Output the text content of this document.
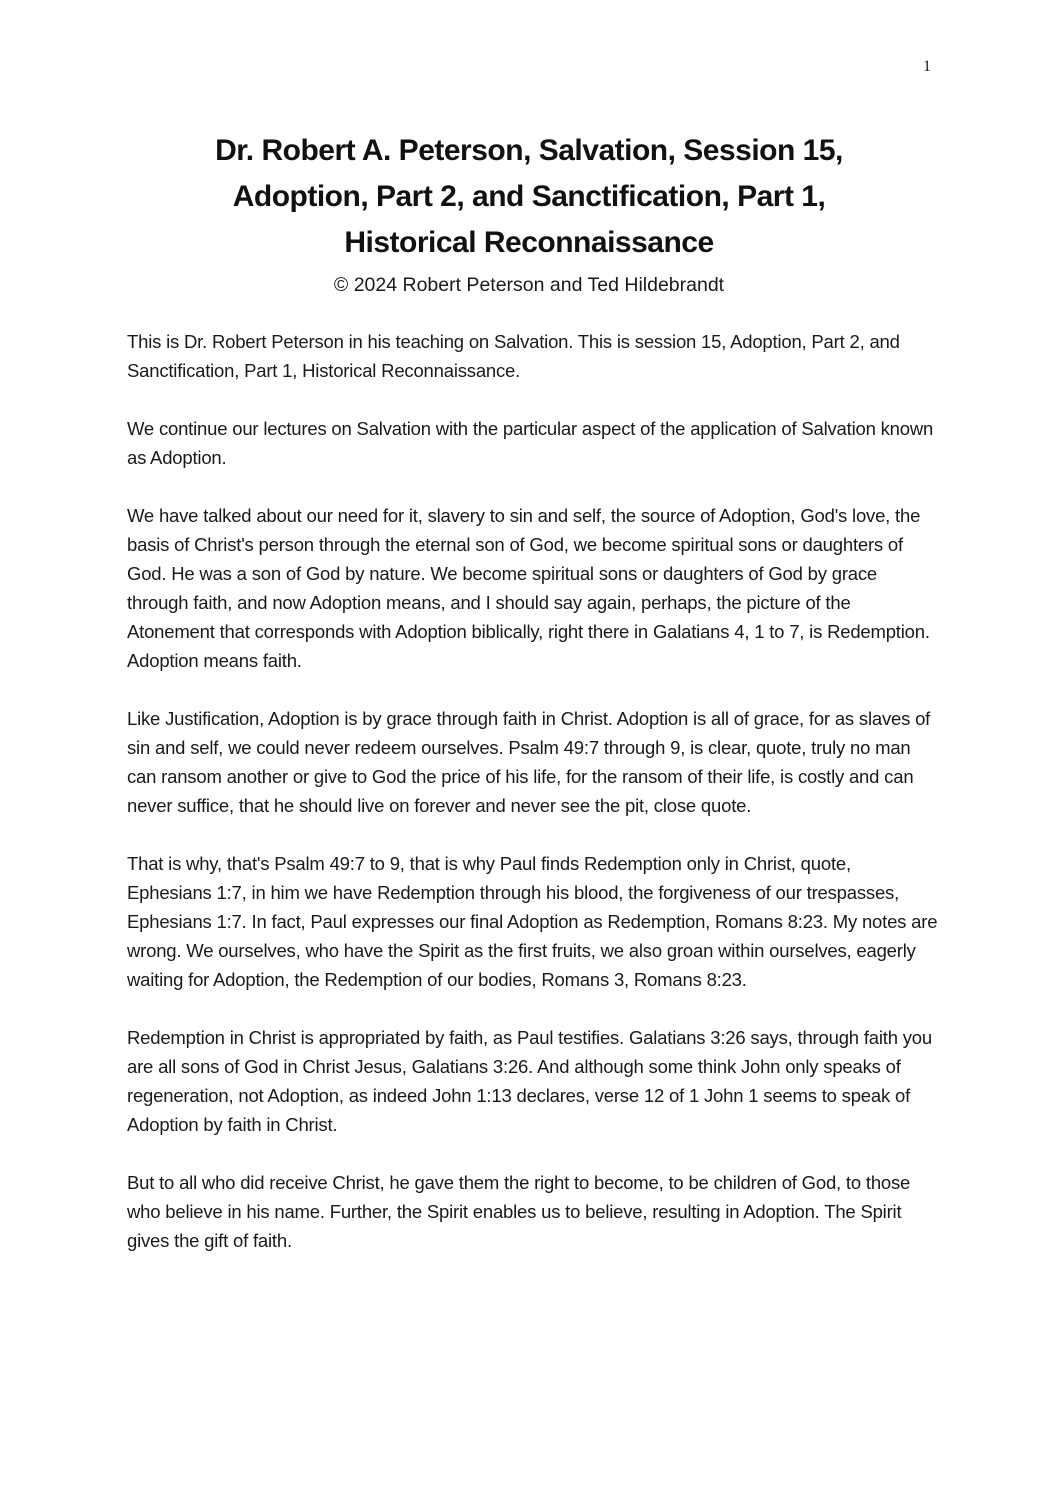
1
Dr. Robert A. Peterson, Salvation, Session 15,
Adoption, Part 2, and Sanctification, Part 1,
Historical Reconnaissance
© 2024 Robert Peterson and Ted Hildebrandt

This is Dr. Robert Peterson in his teaching on Salvation. This is session 15, Adoption, Part 2, and Sanctification, Part 1, Historical Reconnaissance.

We continue our lectures on Salvation with the particular aspect of the application of Salvation known as Adoption.

We have talked about our need for it, slavery to sin and self, the source of Adoption, God's love, the basis of Christ's person through the eternal son of God, we become spiritual sons or daughters of God. He was a son of God by nature. We become spiritual sons or daughters of God by grace through faith, and now Adoption means, and I should say again, perhaps, the picture of the Atonement that corresponds with Adoption biblically, right there in Galatians 4, 1 to 7, is Redemption. Adoption means faith.

Like Justification, Adoption is by grace through faith in Christ. Adoption is all of grace, for as slaves of sin and self, we could never redeem ourselves. Psalm 49:7 through 9, is clear, quote, truly no man can ransom another or give to God the price of his life, for the ransom of their life, is costly and can never suffice, that he should live on forever and never see the pit, close quote.

That is why, that's Psalm 49:7 to 9, that is why Paul finds Redemption only in Christ, quote, Ephesians 1:7, in him we have Redemption through his blood, the forgiveness of our trespasses, Ephesians 1:7. In fact, Paul expresses our final Adoption as Redemption, Romans 8:23. My notes are wrong. We ourselves, who have the Spirit as the first fruits, we also groan within ourselves, eagerly waiting for Adoption, the Redemption of our bodies, Romans 3, Romans 8:23.

Redemption in Christ is appropriated by faith, as Paul testifies. Galatians 3:26 says, through faith you are all sons of God in Christ Jesus, Galatians 3:26. And although some think John only speaks of regeneration, not Adoption, as indeed John 1:13 declares, verse 12 of 1 John 1 seems to speak of Adoption by faith in Christ.

But to all who did receive Christ, he gave them the right to become, to be children of God, to those who believe in his name. Further, the Spirit enables us to believe, resulting in Adoption. The Spirit gives the gift of faith.
